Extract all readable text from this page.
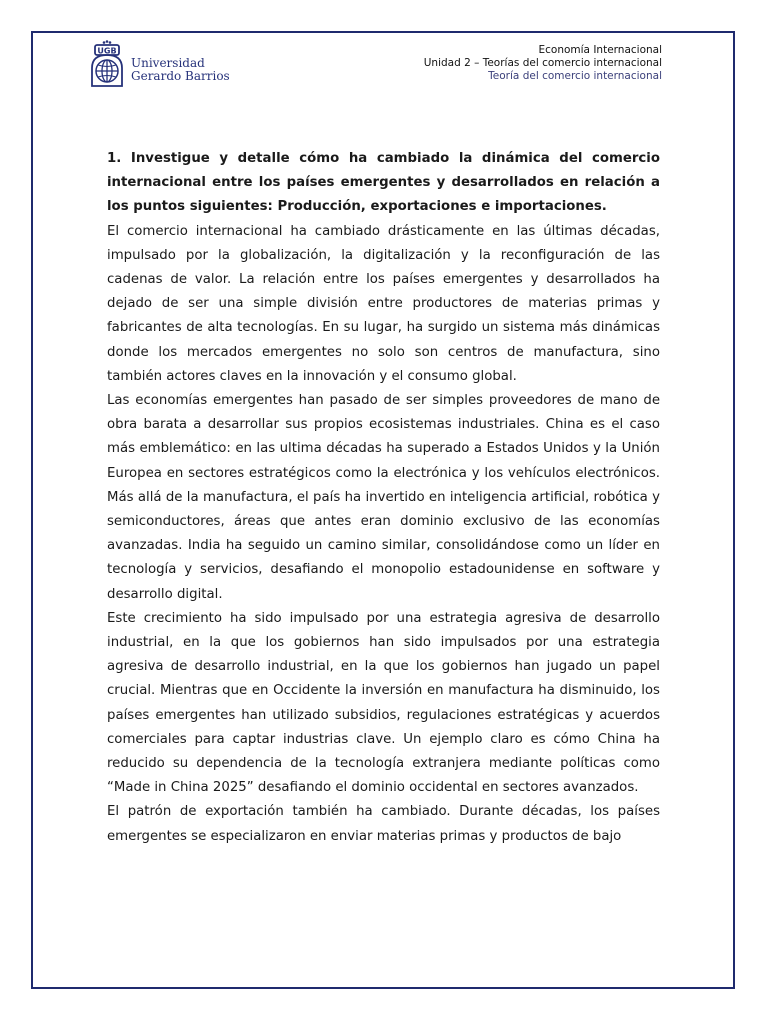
UGB
Universidad
Gerardo Barrios
Economía Internacional
Unidad 2 – Teorías del comercio internacional
Teoría del comercio internacional

1. Investigue y detalle cómo ha cambiado la dinámica del comercio internacional entre los países emergentes y desarrollados en relación a los puntos siguientes: Producción, exportaciones e importaciones.

El comercio internacional ha cambiado drásticamente en las últimas décadas, impulsado por la globalización, la digitalización y la reconfiguración de las cadenas de valor. La relación entre los países emergentes y desarrollados ha dejado de ser una simple división entre productores de materias primas y fabricantes de alta tecnologías. En su lugar, ha surgido un sistema más dinámicas donde los mercados emergentes no solo son centros de manufactura, sino también actores claves en la innovación y el consumo global.

Las economías emergentes han pasado de ser simples proveedores de mano de obra barata a desarrollar sus propios ecosistemas industriales. China es el caso más emblemático: en las ultima décadas ha superado a Estados Unidos y la Unión Europea en sectores estratégicos como la electrónica y los vehículos electrónicos. Más allá de la manufactura, el país ha invertido en inteligencia artificial, robótica y semiconductores, áreas que antes eran dominio exclusivo de las economías avanzadas. India ha seguido un camino similar, consolidándose como un líder en tecnología y servicios, desafiando el monopolio estadounidense en software y desarrollo digital.

Este crecimiento ha sido impulsado por una estrategia agresiva de desarrollo industrial, en la que los gobiernos han sido impulsados por una estrategia agresiva de desarrollo industrial, en la que los gobiernos han jugado un papel crucial. Mientras que en Occidente la inversión en manufactura ha disminuido, los países emergentes han utilizado subsidios, regulaciones estratégicas y acuerdos comerciales para captar industrias clave. Un ejemplo claro es cómo China ha reducido su dependencia de la tecnología extranjera mediante políticas como “Made in China 2025” desafiando el dominio occidental en sectores avanzados.

El patrón de exportación también ha cambiado. Durante décadas, los países emergentes se especializaron en enviar materias primas y productos de bajo
